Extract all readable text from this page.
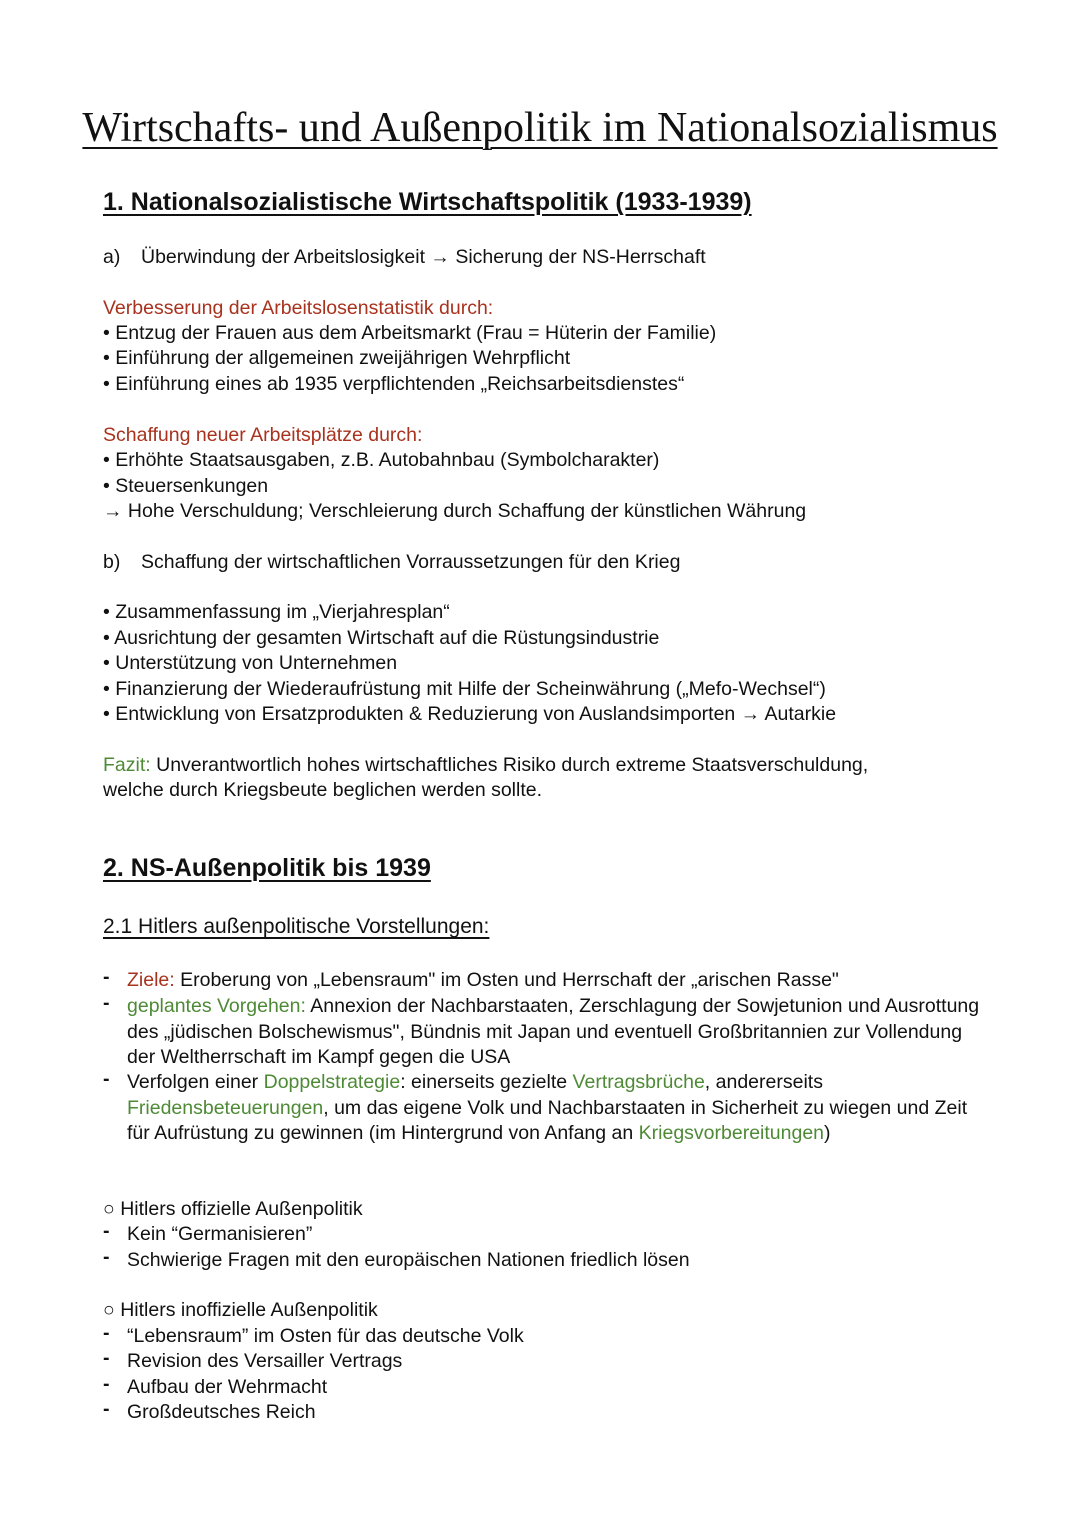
Wirtschafts- und Außenpolitik im Nationalsozialismus
1. Nationalsozialistische Wirtschaftspolitik (1933-1939)
a) Überwindung der Arbeitslosigkeit → Sicherung der NS-Herrschaft
Verbesserung der Arbeitslosenstatistik durch:
• Entzug der Frauen aus dem Arbeitsmarkt (Frau = Hüterin der Familie)
• Einführung der allgemeinen zweijährigen Wehrpflicht
• Einführung eines ab 1935 verpflichtenden „Reichsarbeitsdienstes“
Schaffung neuer Arbeitsplätze durch:
• Erhöhte Staatsausgaben, z.B. Autobahnbau (Symbolcharakter)
• Steuersenkungen
→ Hohe Verschuldung; Verschleierung durch Schaffung der künstlichen Währung
b) Schaffung der wirtschaftlichen Vorraussetzungen für den Krieg
• Zusammenfassung im „Vierjahresplan“
• Ausrichtung der gesamten Wirtschaft auf die Rüstungsindustrie
• Unterstützung von Unternehmen
• Finanzierung der Wiederaufrüstung mit Hilfe der Scheinwährung („Mefo-Wechsel“)
• Entwicklung von Ersatzprodukten & Reduzierung von Auslandsimporten → Autarkie
Fazit: Unverantwortlich hohes wirtschaftliches Risiko durch extreme Staatsverschuldung,
welche durch Kriegsbeute beglichen werden sollte.
2. NS-Außenpolitik bis 1939
2.1 Hitlers außenpolitische Vorstellungen:
- Ziele: Eroberung von „Lebensraum" im Osten und Herrschaft der „arischen Rasse"
- geplantes Vorgehen: Annexion der Nachbarstaaten, Zerschlagung der Sowjetunion und Ausrottung des „jüdischen Bolschewismus", Bündnis mit Japan und eventuell Großbritannien zur Vollendung der Weltherrschaft im Kampf gegen die USA
- Verfolgen einer Doppelstrategie: einerseits gezielte Vertragsbrüche, andererseits Friedensbeteuerungen, um das eigene Volk und Nachbarstaaten in Sicherheit zu wiegen und Zeit für Aufrüstung zu gewinnen (im Hintergrund von Anfang an Kriegsvorbereitungen)
○ Hitlers offizielle Außenpolitik
- Kein “Germanisieren”
- Schwierige Fragen mit den europäischen Nationen friedlich lösen
○ Hitlers inoffizielle Außenpolitik
- “Lebensraum” im Osten für das deutsche Volk
- Revision des Versailler Vertrags
- Aufbau der Wehrmacht
- Großdeutsches Reich
